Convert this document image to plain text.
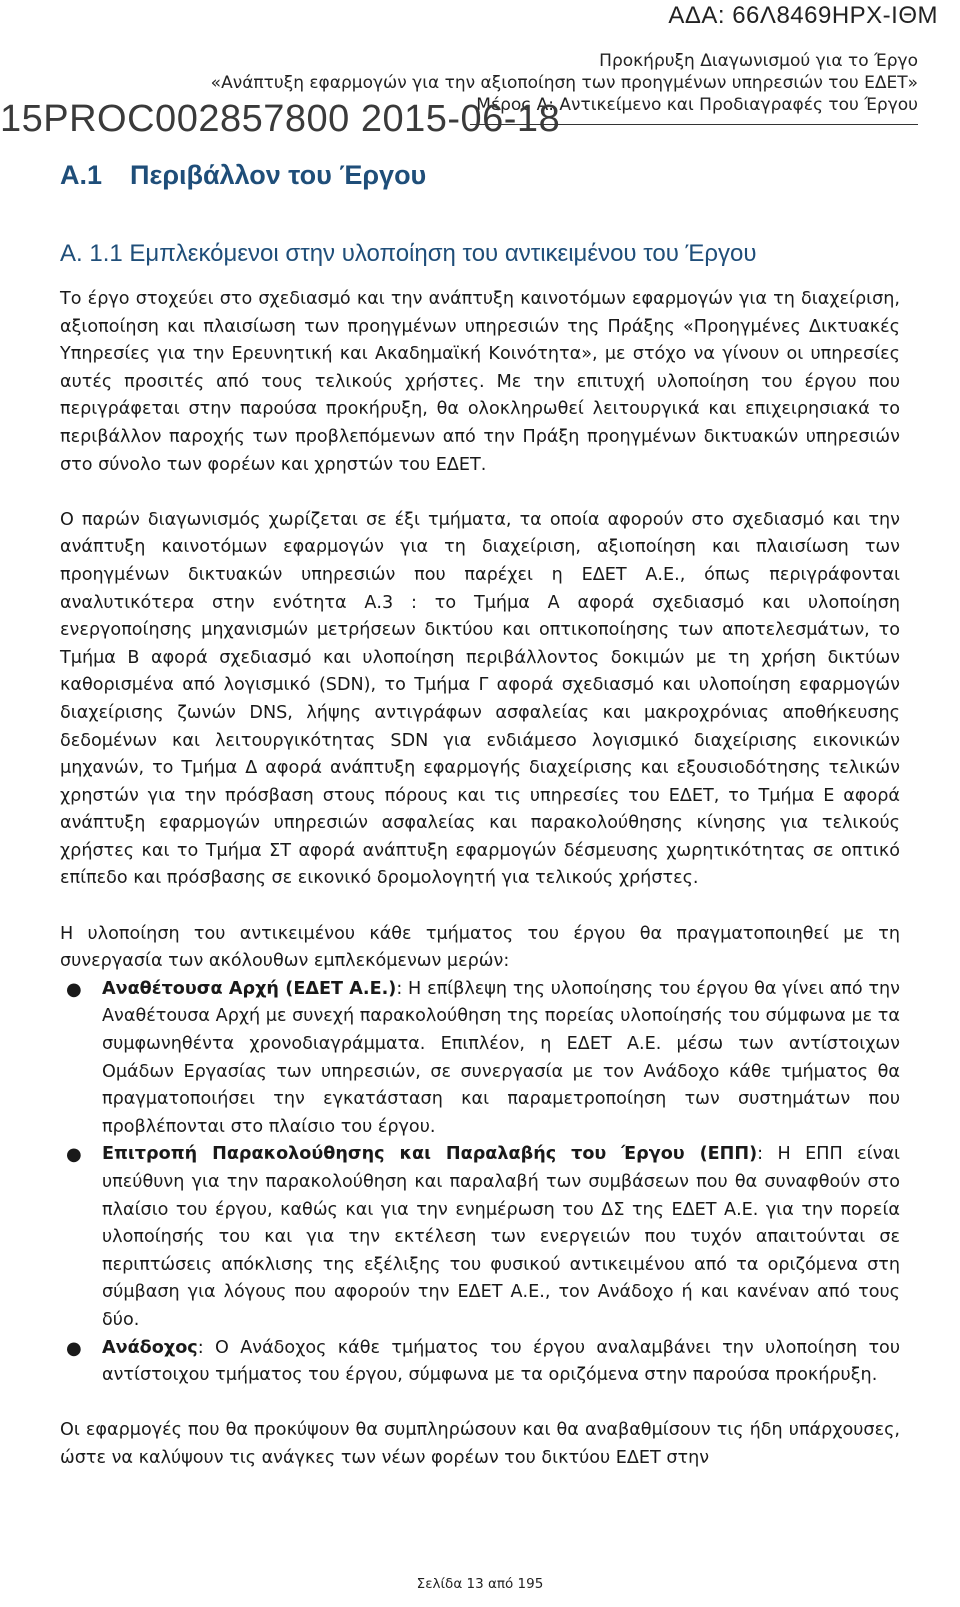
ΑΔΑ: 66Λ8469ΗΡΧ-ΙΘΜ
Προκήρυξη Διαγωνισμού για το Έργο
«Ανάπτυξη εφαρμογών για την αξιοποίηση των προηγμένων υπηρεσιών του ΕΔΕΤ»
Μέρος Α: Αντικείμενο και Προδιαγραφές του Έργου
15PROC002857800 2015-06-18
Α.1 Περιβάλλον του Έργου
Α. 1.1 Εμπλεκόμενοι στην υλοποίηση του αντικειμένου του Έργου

Το έργο στοχεύει στο σχεδιασμό και την ανάπτυξη καινοτόμων εφαρμογών για τη διαχείριση, αξιοποίηση και πλαισίωση των προηγμένων υπηρεσιών της Πράξης «Προηγμένες Δικτυακές Υπηρεσίες για την Ερευνητική και Ακαδημαϊκή Κοινότητα», με στόχο να γίνουν οι υπηρεσίες αυτές προσιτές από τους τελικούς χρήστες. Με την επιτυχή υλοποίηση του έργου που περιγράφεται στην παρούσα προκήρυξη, θα ολοκληρωθεί λειτουργικά και επιχειρησιακά το περιβάλλον παροχής των προβλεπόμενων από την Πράξη προηγμένων δικτυακών υπηρεσιών στο σύνολο των φορέων και χρηστών του ΕΔΕΤ.

Ο παρών διαγωνισμός χωρίζεται σε έξι τμήματα, τα οποία αφορούν στο σχεδιασμό και την ανάπτυξη καινοτόμων εφαρμογών για τη διαχείριση, αξιοποίηση και πλαισίωση των προηγμένων δικτυακών υπηρεσιών που παρέχει η ΕΔΕΤ Α.Ε., όπως περιγράφονται αναλυτικότερα στην ενότητα Α.3 : το Τμήμα Α αφορά σχεδιασμό και υλοποίηση ενεργοποίησης μηχανισμών μετρήσεων δικτύου και οπτικοποίησης των αποτελεσμάτων, το Τμήμα Β αφορά σχεδιασμό και υλοποίηση περιβάλλοντος δοκιμών με τη χρήση δικτύων καθορισμένα από λογισμικό (SDN), το Τμήμα Γ αφορά σχεδιασμό και υλοποίηση εφαρμογών διαχείρισης ζωνών DNS, λήψης αντιγράφων ασφαλείας και μακροχρόνιας αποθήκευσης δεδομένων και λειτουργικότητας SDN για ενδιάμεσο λογισμικό διαχείρισης εικονικών μηχανών, το Τμήμα Δ αφορά ανάπτυξη εφαρμογής διαχείρισης και εξουσιοδότησης τελικών χρηστών για την πρόσβαση στους πόρους και τις υπηρεσίες του ΕΔΕΤ, το Τμήμα Ε αφορά ανάπτυξη εφαρμογών υπηρεσιών ασφαλείας και παρακολούθησης κίνησης για τελικούς χρήστες και το Τμήμα ΣΤ αφορά ανάπτυξη εφαρμογών δέσμευσης χωρητικότητας σε οπτικό επίπεδο και πρόσβασης σε εικονικό δρομολογητή για τελικούς χρήστες.

Η υλοποίηση του αντικειμένου κάθε τμήματος του έργου θα πραγματοποιηθεί με τη συνεργασία των ακόλουθων εμπλεκόμενων μερών:

● Αναθέτουσα Αρχή (ΕΔΕΤ Α.Ε.): Η επίβλεψη της υλοποίησης του έργου θα γίνει από την Αναθέτουσα Αρχή με συνεχή παρακολούθηση της πορείας υλοποίησής του σύμφωνα με τα συμφωνηθέντα χρονοδιαγράμματα. Επιπλέον, η ΕΔΕΤ Α.Ε. μέσω των αντίστοιχων Ομάδων Εργασίας των υπηρεσιών, σε συνεργασία με τον Ανάδοχο κάθε τμήματος θα πραγματοποιήσει την εγκατάσταση και παραμετροποίηση των συστημάτων που προβλέπονται στο πλαίσιο του έργου.
● Επιτροπή Παρακολούθησης και Παραλαβής του Έργου (ΕΠΠ): Η ΕΠΠ είναι υπεύθυνη για την παρακολούθηση και παραλαβή των συμβάσεων που θα συναφθούν στο πλαίσιο του έργου, καθώς και για την ενημέρωση του ΔΣ της ΕΔΕΤ Α.Ε. για την πορεία υλοποίησής του και για την εκτέλεση των ενεργειών που τυχόν απαιτούνται σε περιπτώσεις απόκλισης της εξέλιξης του φυσικού αντικειμένου από τα οριζόμενα στη σύμβαση για λόγους που αφορούν την ΕΔΕΤ Α.Ε., τον Ανάδοχο ή και κανέναν από τους δύο.
● Ανάδοχος: Ο Ανάδοχος κάθε τμήματος του έργου αναλαμβάνει την υλοποίηση του αντίστοιχου τμήματος του έργου, σύμφωνα με τα οριζόμενα στην παρούσα προκήρυξη.

Οι εφαρμογές που θα προκύψουν θα συμπληρώσουν και θα αναβαθμίσουν τις ήδη υπάρχουσες, ώστε να καλύψουν τις ανάγκες των νέων φορέων του δικτύου ΕΔΕΤ στην

Σελίδα 13 από 195
